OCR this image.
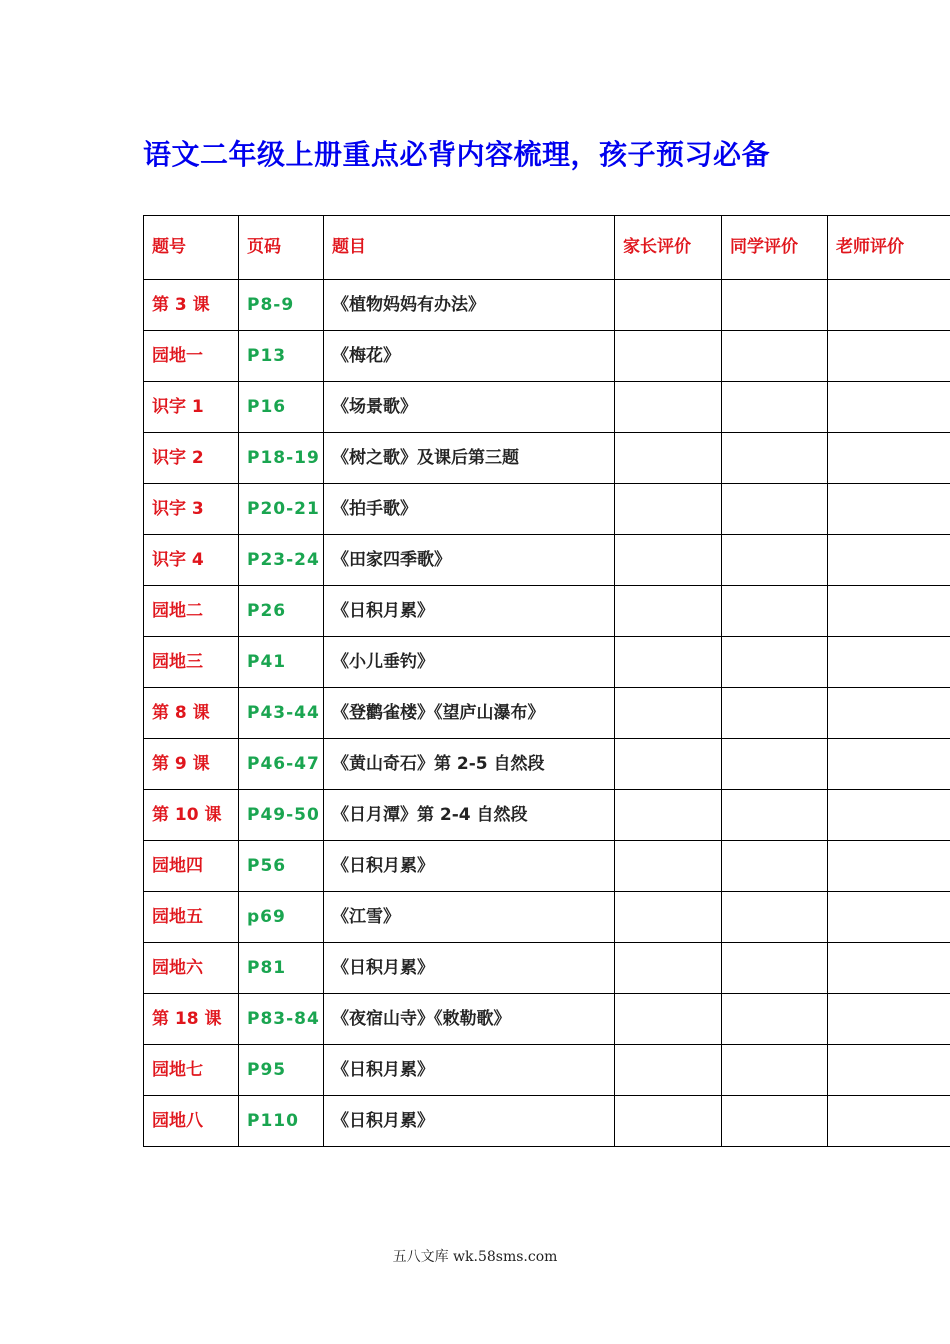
语文二年级上册重点必背内容梳理，孩子预习必备
题号	页码	题目	家长评价	同学评价	老师评价
第 3 课	P8-9	《植物妈妈有办法》			
园地一	P13	《梅花》			
识字 1	P16	《场景歌》			
识字 2	P18-19	《树之歌》及课后第三题			
识字 3	P20-21	《拍手歌》			
识字 4	P23-24	《田家四季歌》			
园地二	P26	《日积月累》			
园地三	P41	《小儿垂钓》			
第 8 课	P43-44	《登鹳雀楼》《望庐山瀑布》			
第 9 课	P46-47	《黄山奇石》第 2-5 自然段			
第 10 课	P49-50	《日月潭》第 2-4 自然段			
园地四	P56	《日积月累》			
园地五	p69	《江雪》			
园地六	P81	《日积月累》			
第 18 课	P83-84	《夜宿山寺》《敕勒歌》			
园地七	P95	《日积月累》			
园地八	P110	《日积月累》			
五八文库 wk.58sms.com
